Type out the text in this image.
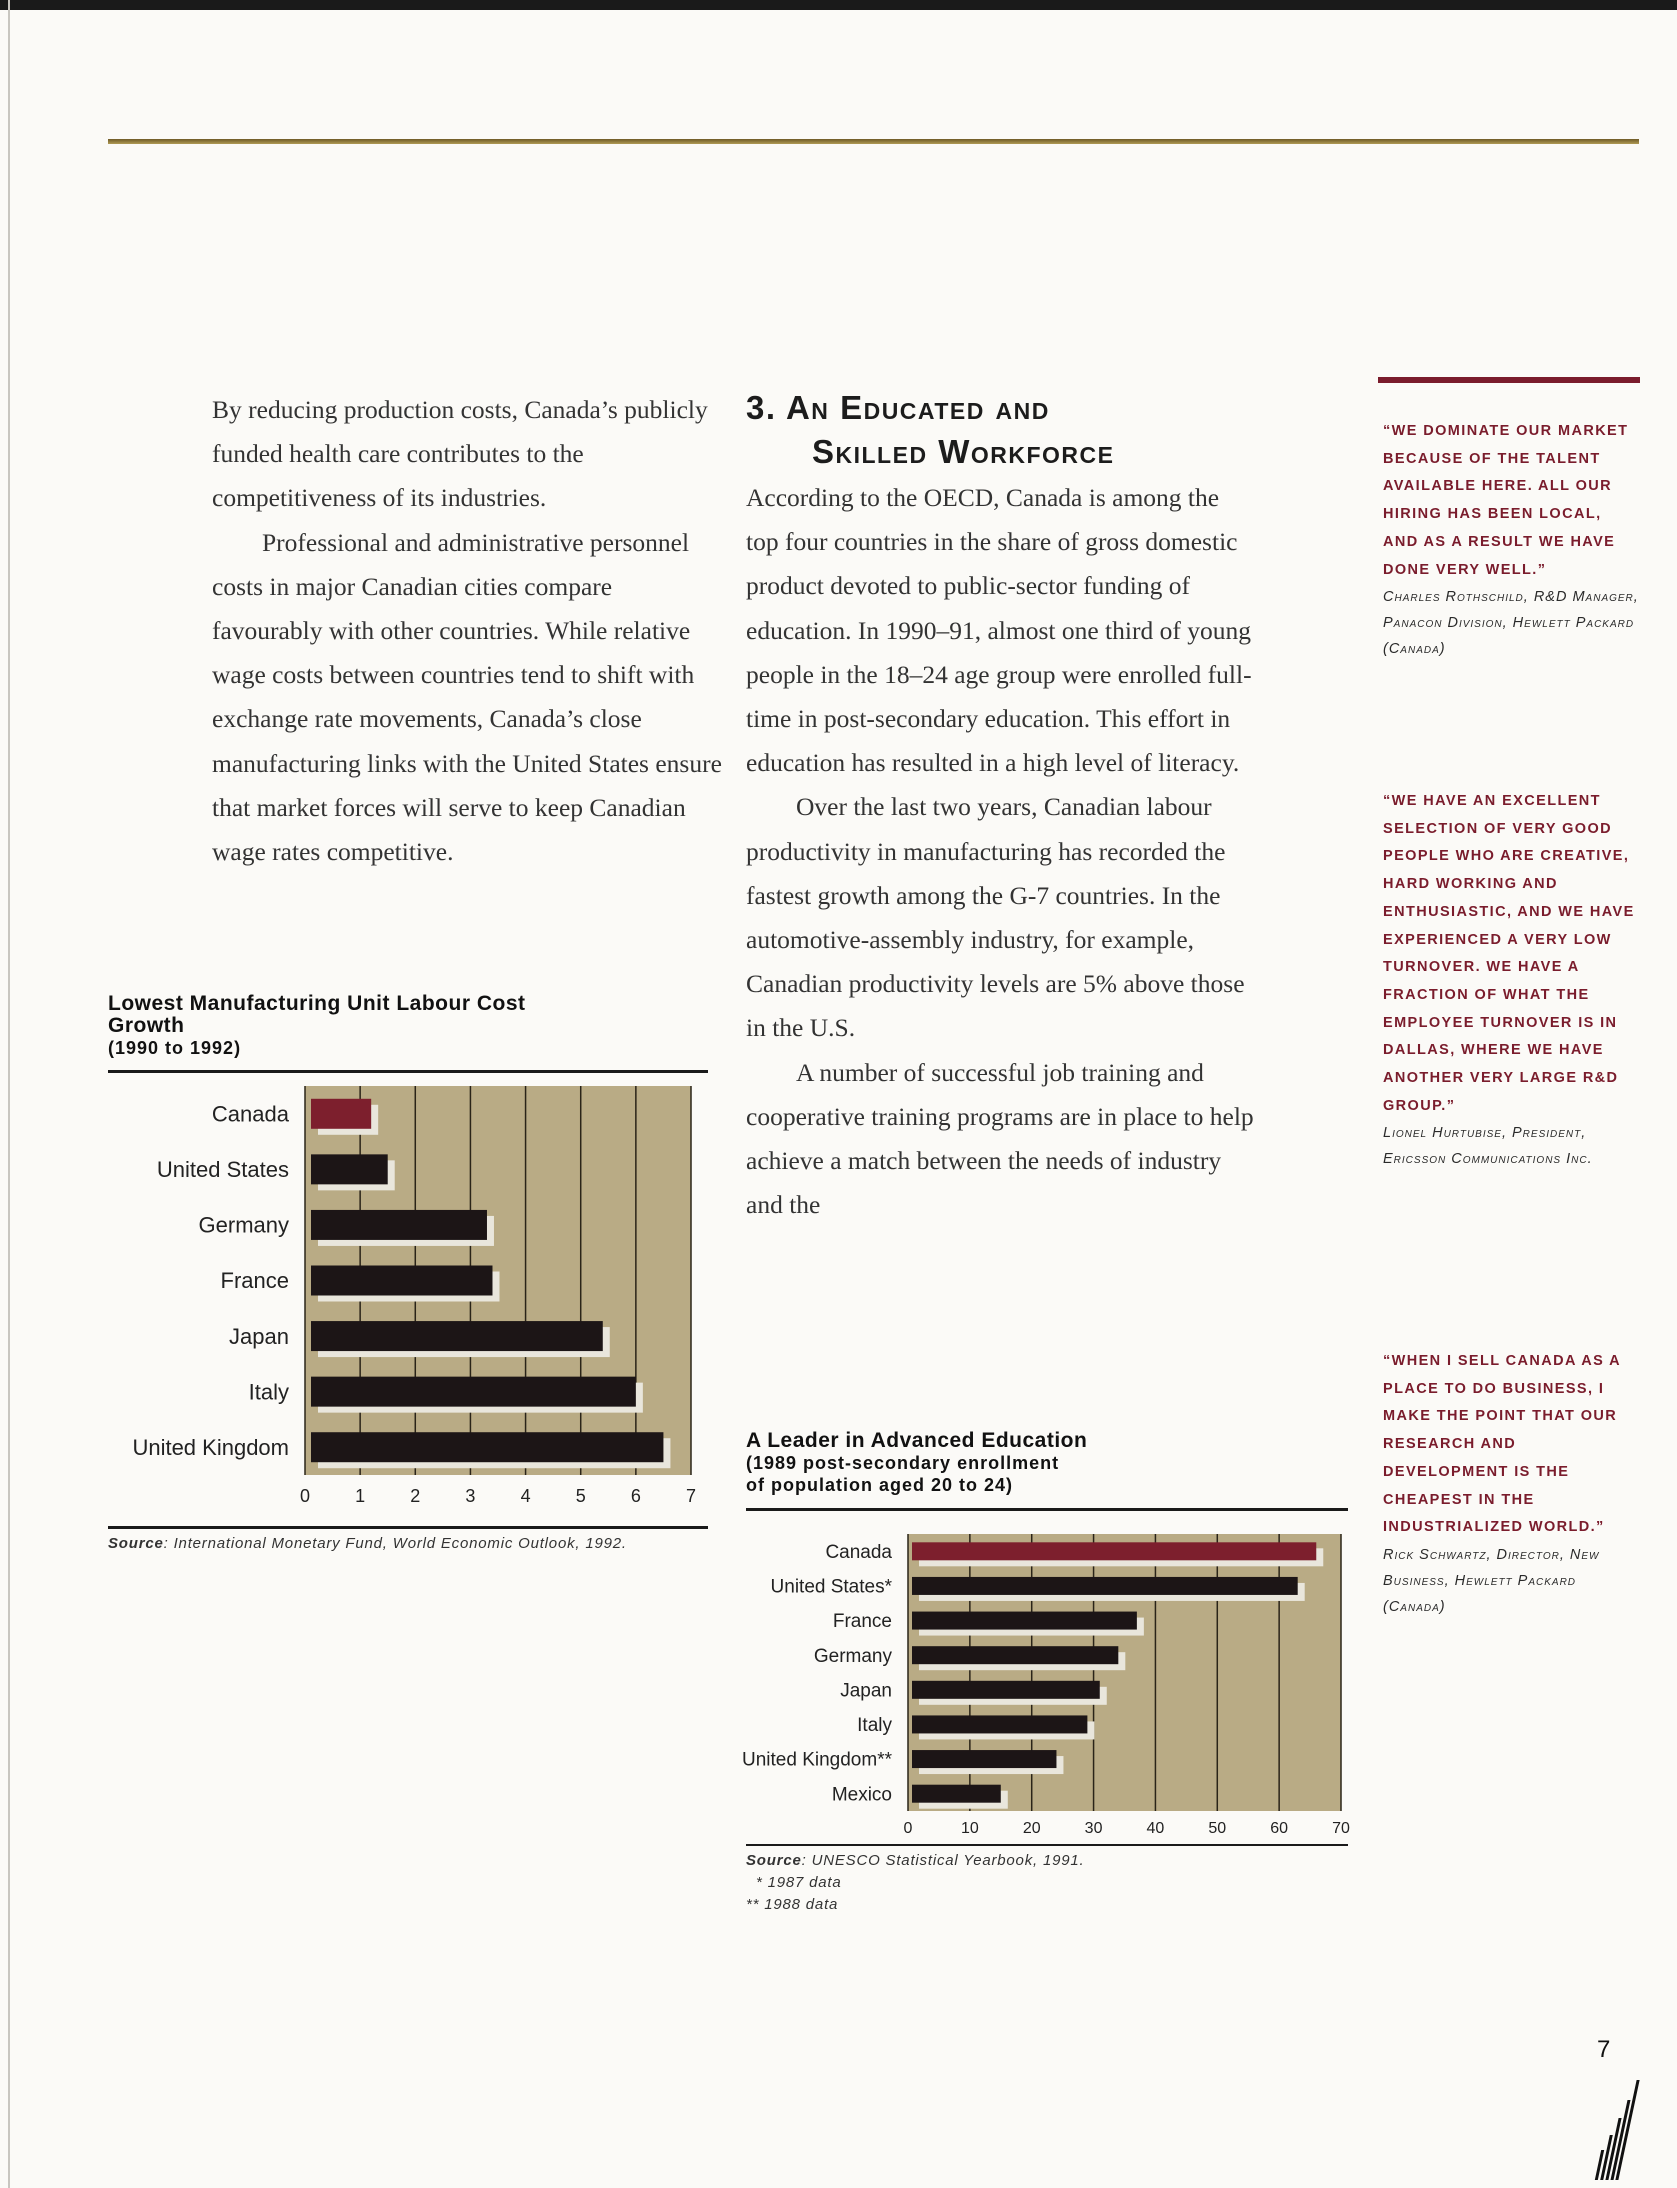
By reducing production costs, Canada’s publicly funded health care contributes to the competitiveness of its industries.

Professional and administrative personnel costs in major Canadian cities compare favourably with other countries. While relative wage costs between countries tend to shift with exchange rate movements, Canada’s close manufacturing links with the United States ensure that market forces will serve to keep Canadian wage rates competitive.

Lowest Manufacturing Unit Labour Cost Growth

(1990 to 1992)

0	1	2	3	4	5	6	7
Canada
United States
Germany
France
Japan
Italy
United Kingdom
Source: International Monetary Fund, World Economic Outlook, 1992.

3. An Educated and

Skilled Workforce

According to the OECD, Canada is among the top four countries in the share of gross domestic product devoted to public-sector funding of education. In 1990–91, almost one third of young people in the 18–24 age group were enrolled full-time in post-secondary education. This effort in education has resulted in a high level of literacy.

Over the last two years, Canadian labour productivity in manufacturing has recorded the fastest growth among the G-7 countries. In the automotive-assembly industry, for example, Canadian productivity levels are 5% above those in the U.S.

A number of successful job training and cooperative training programs are in place to help achieve a match between the needs of industry and the

A Leader in Advanced Education

(1989 post-secondary enrollment

of population aged 20 to 24)

0	10	20	30	40	50	60	70
Canada
United States*
France
Germany
Japan
Italy
United Kingdom**
Mexico
Source: UNESCO Statistical Yearbook, 1991.
* 1987 data
** 1988 data

“WE DOMINATE OUR MARKET BECAUSE OF THE TALENT AVAILABLE HERE. ALL OUR HIRING HAS BEEN LOCAL, AND AS A RESULT WE HAVE DONE VERY WELL.”

Charles Rothschild, R&D Manager, Panacon Division, Hewlett Packard (Canada)

“WE HAVE AN EXCELLENT SELECTION OF VERY GOOD PEOPLE WHO ARE CREATIVE, HARD WORKING AND ENTHUSIASTIC, AND WE HAVE EXPERIENCED A VERY LOW TURNOVER. WE HAVE A FRACTION OF WHAT THE EMPLOYEE TURNOVER IS IN DALLAS, WHERE WE HAVE ANOTHER VERY LARGE R&D GROUP.”

Lionel Hurtubise, President, Ericsson Communications Inc.

“WHEN I SELL CANADA AS A PLACE TO DO BUSINESS, I MAKE THE POINT THAT OUR RESEARCH AND DEVELOPMENT IS THE CHEAPEST IN THE INDUSTRIALIZED WORLD.”

Rick Schwartz, Director, New Business, Hewlett Packard (Canada)

7
